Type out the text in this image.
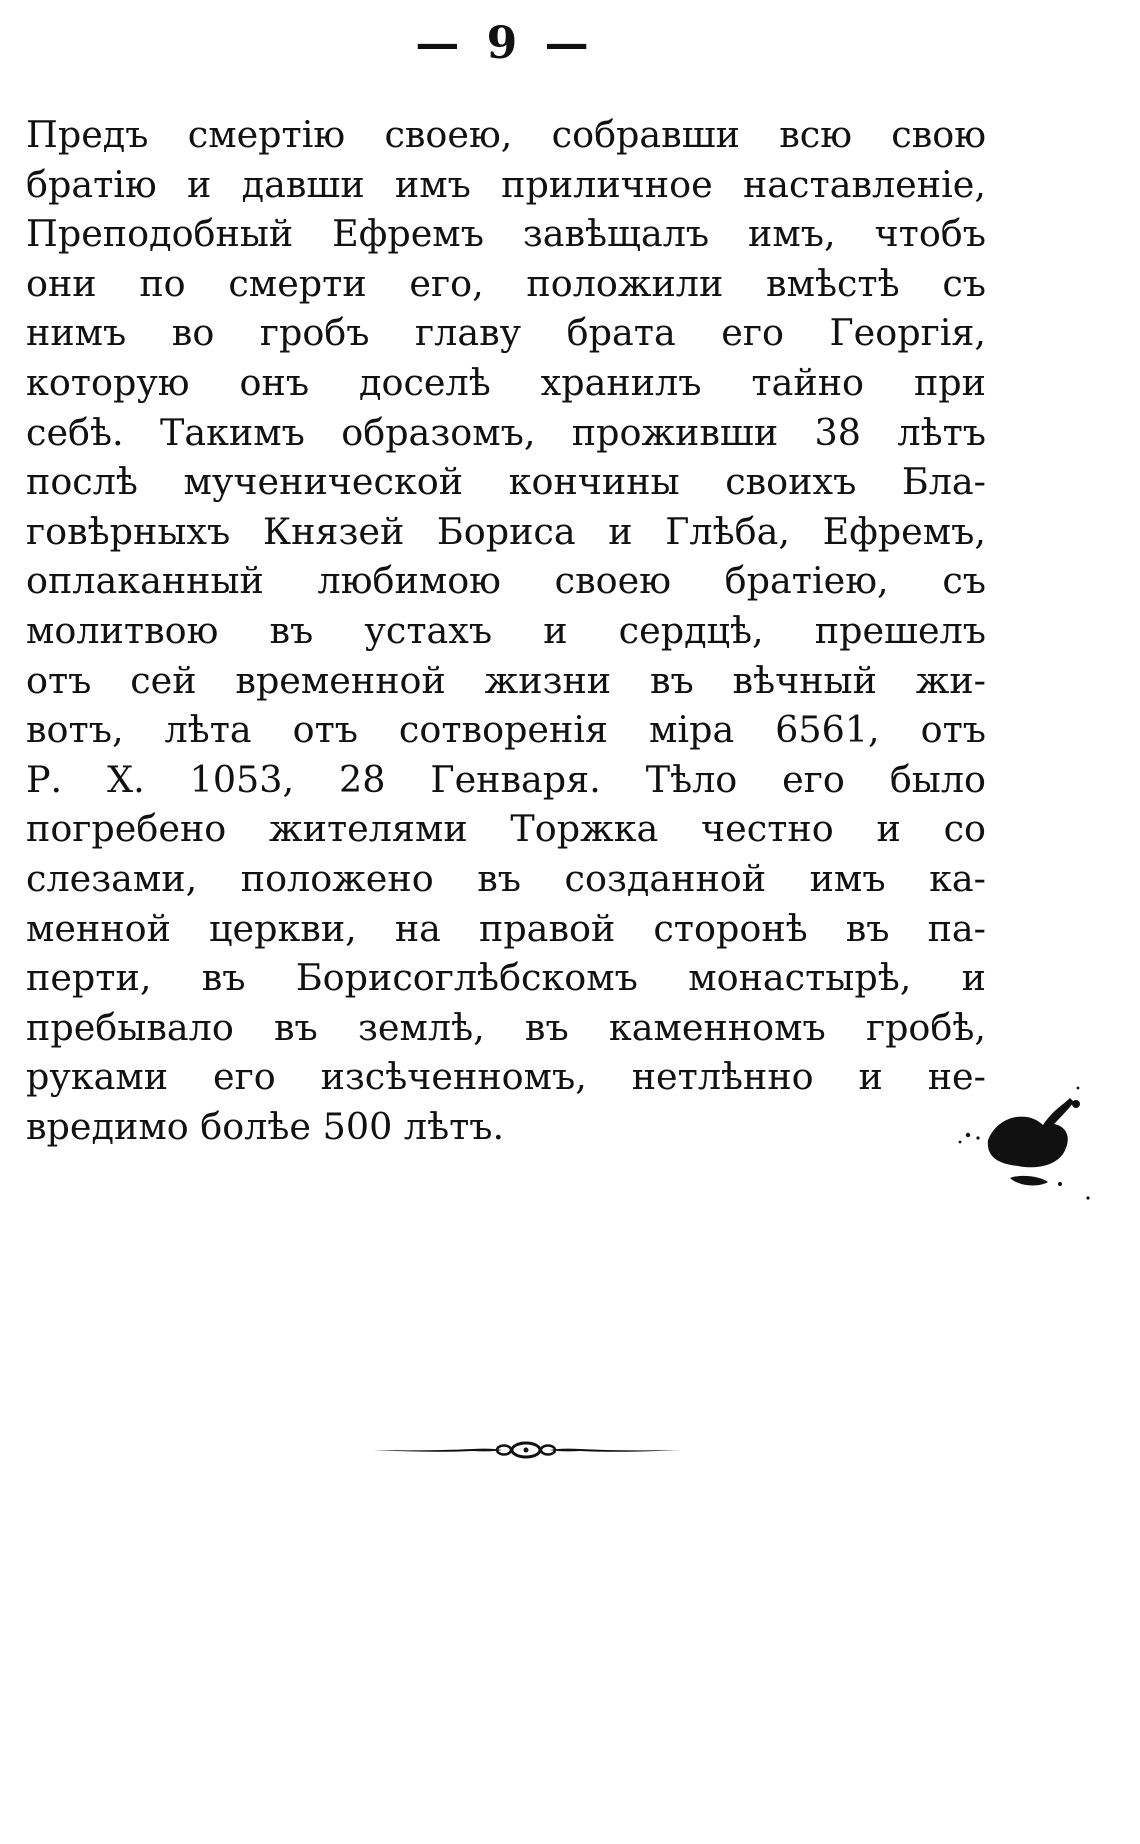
— 9 —
Предъ смертію своею, собравши всю свою
братію и давши имъ приличное наставленіе,
Преподобный Ефремъ завѣщалъ имъ, чтобъ
они по смерти его, положили вмѣстѣ съ
нимъ во гробъ главу брата его Георгія,
которую онъ доселѣ хранилъ тайно при
себѣ. Такимъ образомъ, проживши 38 лѣтъ
послѣ мученической кончины своихъ Бла-
говѣрныхъ Князей Бориса и Глѣба, Ефремъ,
оплаканный любимою своею братіею, съ
молитвою въ устахъ и сердцѣ, прешелъ
отъ сей временной жизни въ вѣчный жи-
вотъ, лѣта отъ сотворенія міра 6561, отъ
Р. Х. 1053, 28 Генваря. Тѣло его было
погребено жителями Торжка честно и со
слезами, положено въ созданной имъ ка-
менной церкви, на правой сторонѣ въ па-
перти, въ Борисоглѣбскомъ монастырѣ, и
пребывало въ землѣ, въ каменномъ гробѣ,
руками его изсѣченномъ, нетлѣнно и не-
вредимо болѣе 500 лѣтъ.
